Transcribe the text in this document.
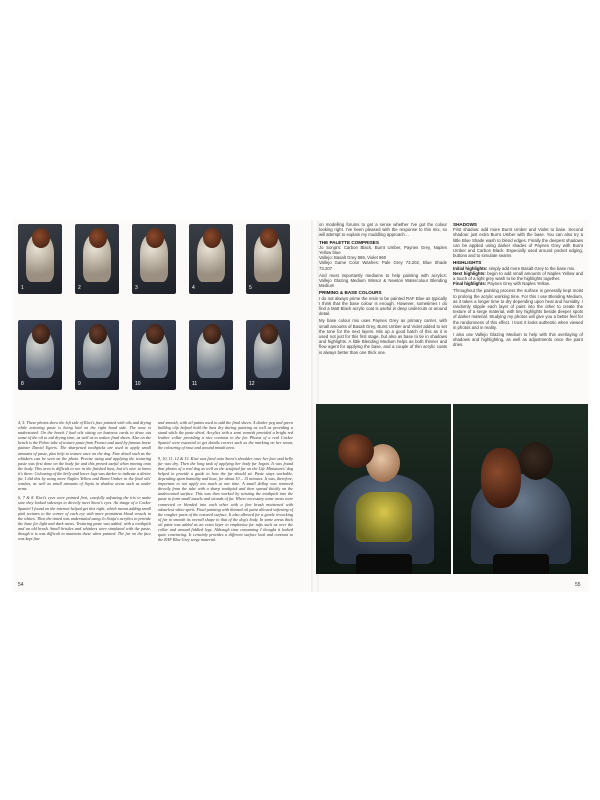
1	2	3	4	5
8	9	10	11	12
4, 5. These photos show the left side of Kiwi's face painted with oils and drying while texturing paste is being laid on the right hand side. The nose is understated. On the bench I had oils sitting on business cards to draw out some of the oil to aid drying time, as well as to reduce final sheen. Also on the bench is the Pebeo tube of texture paste from France and used by famous horse painter Daniel Egeris. The sharpened toothpicks are used to apply small amounts of paste, plus help to texture once on the dog. Fine detail such as the whiskers can be seen on the photo. Precise using and applying the texturing paste was first done on the body fur and this proved useful when moving onto the body. This area is difficult to see in the finished bust, but it's nice to know it's there. Colouring of the belly and lower legs was darker to indicate a dirtier fur. I did this by using more Naples Yellow and Burnt Umber in the final oils' washes, as well as small amounts of Sepia in shadow areas such as under arms.
6, 7 & 8. Kiwi's eyes were painted first, carefully adjusting the iris to make sure they looked sideways to directly meet Snow's eyes. An image of a Cocker Spaniel I found on the internet helped get this right, which meant adding small pink tectures to the corner of each eye with more prominent blood vessels in the whites. Then the tinted was understated using Jo Sonja's acrylics to provide the base for light and dark areas. Texturing paste was added, with a toothpick and an old brush. Small bristles and whiskers were simulated with the paste, though it is was difficult to maintain these when painted. The fur on the face was kept fine
and smooth, with oil paints used to add the final sheen. A darker peg and green bulldog clip helped hold the bust dry during painting as well as providing a stand while the paste dried. Acrylics with a semi varnish provided a bright red leather collar providing a nice contrast to the fur. Photos of a real Cocker Spaniel were essential to get details correct such as the marking on her snout, the colouring of nose and around mouth area.

9, 10, 11, 12 & 13. Kiwi was fixed onto Snow's shoulder once her face and belly fur was dry. Then the long task of applying her body fur began. It was found that photos of a real dog as well as the sculpted fur on the Life Miniatures' dog helped to provide a guide to how the fur should sit. Paste stays workable, depending upon humidity and heat, for about 10 – 15 minutes. It was, therefore, important to not apply too much at one time. A small dollop was removed directly from the tube with a sharp toothpick and then spread thickly on the undercoated surface. This was then worked by twisting the toothpick into the paste to form small tassels and strands of fur. Where necessary some areas were connected or blended into each other with a fine brush moistened with odourless white spirit. Final painting with thinned oil paint allowed softening of the rougher parts of the textured surface. It also allowed for a gentle reworking of fur to smooth its overall shape to that of the dog's body. In some areas thick oil paint was added as an extra layer to emphasise fur tufts such as over the collar and around fiddled legs. Although time consuming I thought it looked quite convincing. It certainly provides a different surface look and contrast to the RAF Blue Grey serge material.
54

on modelling forums to get a sense whether I've got the colour looking right. I've been pleased with the response to this mix, so will attempt to explain my muddling approach…

THE PALETTE COMPRISES

Jo Sonja's: Carbon Black, Burnt Umber, Paynes Grey, Naples Yellow blue

Vallejo: Basalt Grey 869, Violet 960

Vallejo Game Color Washes: Pale Grey 73.202, Blue Shade 73.207

And most importantly mediums to help painting with acrylics: Vallejo Glazing Medium Winsor & Newton Watercolour Blending Medium

PRIMING & BASE COLOURS

I do not always prime the resin to be painted RAF Blue as typically I think that the base colour is enough. However, sometimes I do find a Matt Black acrylic coat is useful in deep undercuts or around detail.

My base colour mix uses Paynes Grey as primary carrier, with small amounts of Basalt Grey, Burnt Umber and Violet added to set the tone for the next layers. Mix up a good batch of this as it is used not just for this first stage, but also as base to tie in shadows and highlights. A little Blending Medium helps as both thinner and flow agent for applying the base, and a couple of thin acrylic coats is always better than one thick one.

SHADOWS

First shadow: add more Burnt Umber and Violet to base. Second shadow: just extra Burnt Umber with the base. You can also try a little Blue Shade wash to blend edges. Finally the deepest shadows can be applied using darker shades of Paynes Grey with Burnt Umber and Carbon Black. Especially used around pocket edging, buttons and to simulate seams

HIGHLIGHTS

Initial highlights: simply add more Basalt Grey to the base mix.

Next highlights: begin to add small amounts of Naples Yellow and a touch of a light grey wash to tie the highlights together.

Final highlights: Paynes Grey with Naples Yellow.

Throughout the painting process the surface is generally kept moist to prolong the acrylic working time. For this I use Blending Medium, as it takes a longer time to dry depending upon heat and humidity. I randomly stipple each layer of paint into the other to create the texture of a serge material, with tiny highlights beside deeper spots of darker material. Studying my photos will give you a better feel for the randomness of this effect. I trust it looks authentic when viewed in photos and in reality.

I also use Vallejo Glazing Medium to help with this overlaying of shadows and highlighting, as well as adjustments once the paint dries.

55
